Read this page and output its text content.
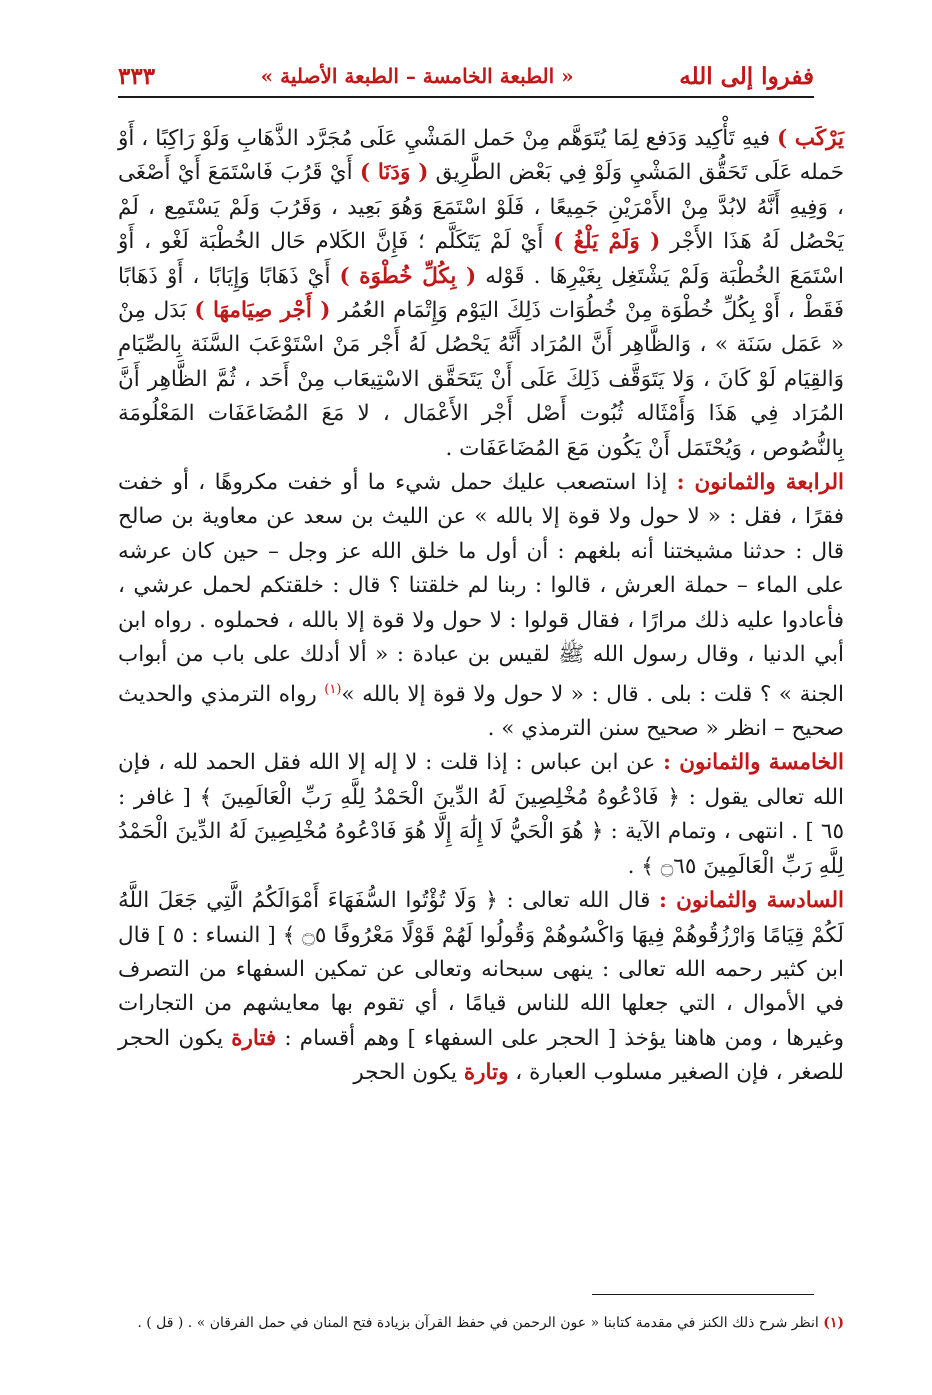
ففروا إلى الله
« الطبعة الخامسة – الطبعة الأصلية »
٣٣٣

يَرْكَب ) فيهِ تَأْكِيد وَدَفع لِمَا يُتَوَهَّم مِنْ حَمل المَشْيِ عَلَى مُجَرَّد الذَّهَابِ وَلَوْ رَاكِبًا ، أَوْ حَمله عَلَى تَحَقُّق المَشْيِ وَلَوْ فِي بَعْض الطَّرِيق ( وَدَنَا ) أَيْ قَرُبَ فَاسْتَمَعَ أَيْ أَصْغَى ، وَفِيهِ أَنَّهُ لابُدَّ مِنْ الأَمْرَيْنِ جَمِيعًا ، فَلَوْ اسْتَمَعَ وَهُوَ بَعِيد ، وَقَرُبَ وَلَمْ يَسْتَمِع ، لَمْ يَحْصُل لَهُ هَذَا الأَجْر ( وَلَمْ يَلْغُ ) أَيْ لَمْ يَتَكَلَّم ؛ فَإِنَّ الكَلام حَال الخُطْبَة لَغْو ، أَوْ اسْتَمَعَ الخُطْبَة وَلَمْ يَشْتَغِل بِغَيْرِهَا . قَوْله ( بِكُلِّ خُطْوَة ) أَيْ ذَهَابًا وَإِيَابًا ، أَوْ ذَهَابًا فَقَطْ ، أَوْ بِكُلِّ خُطْوَة مِنْ خُطُوَات ذَلِكَ اليَوْم وَإِتْمَام العُمُر ( أَجْر صِيَامهَا ) بَدَل مِنْ « عَمَل سَنَة » ، وَالظَّاهِر أَنَّ المُرَاد أَنَّهُ يَحْصُل لَهُ أَجْر مَنْ اسْتَوْعَبَ السَّنَة بِالصِّيَامِ وَالقِيَام لَوْ كَانَ ، وَلا يَتَوَقَّف ذَلِكَ عَلَى أَنْ يَتَحَقَّق الاسْتِيعَاب مِنْ أَحَد ، ثُمَّ الظَّاهِر أَنَّ المُرَاد فِي هَذَا وَأَمْثَاله ثُبُوت أَصْل أَجْر الأَعْمَال ، لا مَعَ المُضَاعَفَات المَعْلُومَة بِالنُّصُوص ، وَيُحْتَمَل أَنْ يَكُون مَعَ المُضَاعَفَات .

الرابعة والثمانون : إذا استصعب عليك حمل شيء ما أو خفت مكروهًا ، أو خفت فقرًا ، فقل : « لا حول ولا قوة إلا بالله » عن الليث بن سعد عن معاوية بن صالح قال : حدثنا مشيختنا أنه بلغهم : أن أول ما خلق الله عز وجل – حين كان عرشه على الماء – حملة العرش ، قالوا : ربنا لم خلقتنا ؟ قال : خلقتكم لحمل عرشي ، فأعادوا عليه ذلك مرارًا ، فقال قولوا : لا حول ولا قوة إلا بالله ، فحملوه . رواه ابن أبي الدنيا ، وقال رسول الله ﷺ لقيس بن عبادة : « ألا أدلك على باب من أبواب الجنة » ؟ قلت : بلى . قال : « لا حول ولا قوة إلا بالله »$^{(١)}$ رواه الترمذي والحديث صحيح – انظر « صحيح سنن الترمذي » .

الخامسة والثمانون : عن ابن عباس : إذا قلت : لا إله إلا الله فقل الحمد لله ، فإن الله تعالى يقول : ﴿ فَادْعُوهُ مُخْلِصِينَ لَهُ الدِّينَ الْحَمْدُ لِلَّهِ رَبِّ الْعَالَمِينَ ﴾ [ غافر : ٦٥ ] . انتهى ، وتمام الآية : ﴿ هُوَ الْحَيُّ لَا إِلَٰهَ إِلَّا هُوَ فَادْعُوهُ مُخْلِصِينَ لَهُ الدِّينَ الْحَمْدُ لِلَّهِ رَبِّ الْعَالَمِينَ ۝٦٥ ﴾ .

السادسة والثمانون : قال الله تعالى : ﴿ وَلَا تُؤْتُوا السُّفَهَاءَ أَمْوَالَكُمُ الَّتِي جَعَلَ اللَّهُ لَكُمْ قِيَامًا وَارْزُقُوهُمْ فِيهَا وَاكْسُوهُمْ وَقُولُوا لَهُمْ قَوْلًا مَعْرُوفًا ۝٥ ﴾ [ النساء : ٥ ] قال ابن كثير رحمه الله تعالى : ينهى سبحانه وتعالى عن تمكين السفهاء من التصرف في الأموال ، التي جعلها الله للناس قيامًا ، أي تقوم بها معايشهم من التجارات وغيرها ، ومن هاهنا يؤخذ [ الحجر على السفهاء ] وهم أقسام : فتارة يكون الحجر للصغر ، فإن الصغير مسلوب العبارة ، وتارة يكون الحجر

(١) انظر شرح ذلك الكنز في مقدمة كتابنا « عون الرحمن في حفظ القرآن بزيادة فتح المنان في حمل الفرقان » . ( قل ) .
